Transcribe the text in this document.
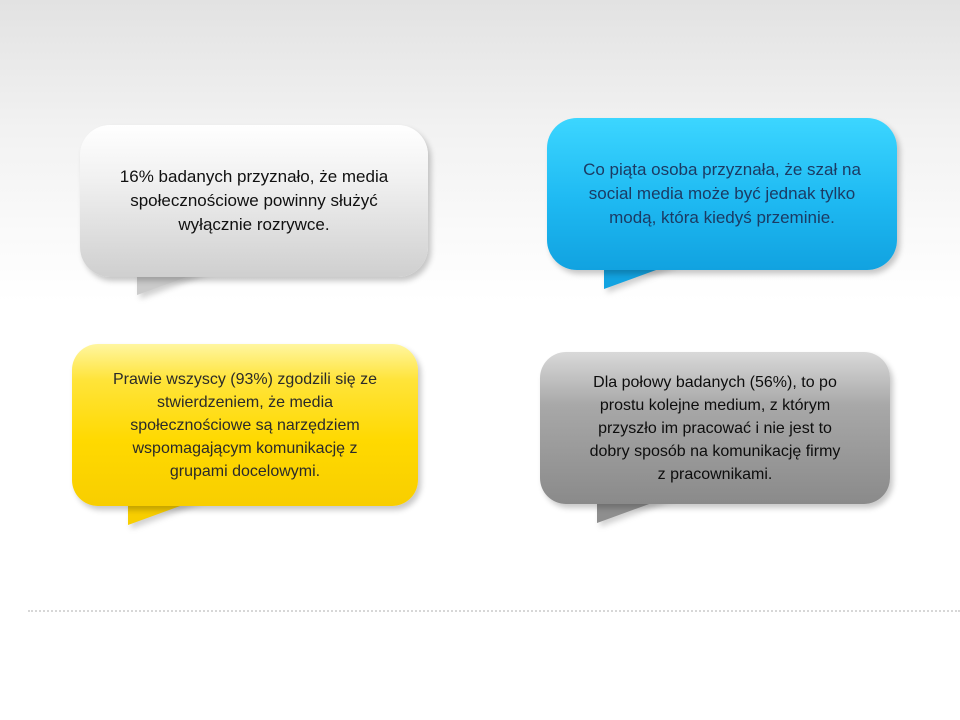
16% badanych przyznało, że media
społecznościowe powinny służyć
wyłącznie rozrywce.
Co piąta osoba przyznała, że szał na
social media może być jednak tylko
modą, która kiedyś przeminie.
Prawie wszyscy (93%) zgodzili się ze
stwierdzeniem, że media
społecznościowe są narzędziem
wspomagającym komunikację z
grupami docelowymi.
Dla połowy badanych (56%), to po
prostu kolejne medium, z którym
przyszło im pracować i nie jest to
dobry sposób na komunikację firmy
z pracownikami.
